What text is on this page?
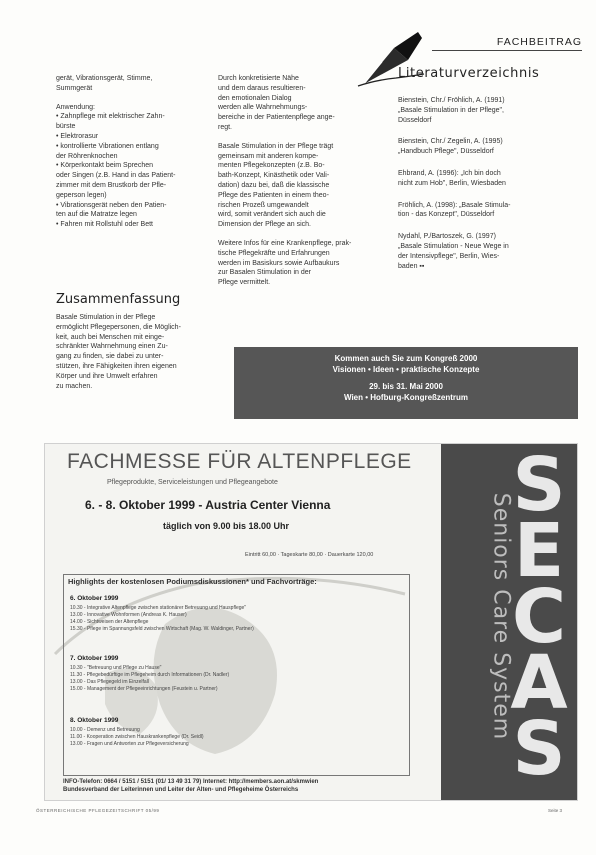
FACHBEITRAG
gerät, Vibrationsgerät, Stimme,
Summgerät
Anwendung:
• Zahnpflege mit elektrischer Zahn-
bürste
• Elektrorasur
• kontrollierte Vibrationen entlang
der Röhrenknochen
• Körperkontakt beim Sprechen
oder Singen (z.B. Hand in das Patient-
zimmer mit dem Brustkorb der Pfle-
geperson legen)
• Vibrationsgerät neben den Patien-
ten auf die Matratze legen
• Fahren mit Rollstuhl oder Bett
Zusammenfassung
Basale Stimulation in der Pflege
ermöglicht Pflegepersonen, die Möglich-
keit, auch bei Menschen mit einge-
schränkter Wahrnehmung einen Zu-
gang zu finden, sie dabei zu unter-
stützen, ihre Fähigkeiten ihren eigenen
Körper und ihre Umwelt erfahren
zu machen.
Durch konkretisierte Nähe
und dem daraus resultieren-
den emotionalen Dialog
werden alle Wahrnehmungs-
bereiche in der Patientenpflege ange-
regt.
Basale Stimulation in der Pflege trägt
gemeinsam mit anderen kompe-
menten Pflegekonzepten (z.B. Bo-
bath-Konzept, Kinästhetik oder Vali-
dation) dazu bei, daß die klassische
Pflege des Patienten in einem theo-
rischen Prozeß umgewandelt
wird, somit verändert sich auch die
Dimension der Pflege an sich.
Weitere Infos für eine Krankenpflege, prak-
tische Pflegekräfte und Erfahrungen
werden im Basiskurs sowie Aufbaukurs
zur Basalen Stimulation in der
Pflege vermittelt.
Literaturverzeichnis
Bienstein, Chr./ Fröhlich, A. (1991)
„Basale Stimulation in der Pflege",
Düsseldorf
Bienstein, Chr./ Zegelin, A. (1995)
„Handbuch Pflege", Düsseldorf
Ehbrand, A. (1996): „Ich bin doch
nicht zum Hob", Berlin, Wiesbaden
Fröhlich, A. (1998): „Basale Stimula-
tion - das Konzept", Düsseldorf
Nydahl, P./Bartoszek, G. (1997)
„Basale Stimulation - Neue Wege in
der Intensivpflege", Berlin, Wies-
baden ▪▪
Kommen auch Sie zum Kongreß 2000
Visionen • Ideen • praktische Konzepte
29. bis 31. Mai 2000
Wien • Hofburg-Kongreßzentrum
FACHMESSE FÜR ALTENPFLEGE
Pflegeprodukte, Serviceleistungen und Pflegeangebote
6. - 8. Oktober 1999 - Austria Center Vienna
täglich von 9.00 bis 18.00 Uhr
Eintritt 60,00 · Tageskarte 80,00 · Dauerkarte 120,00
Highlights der kostenlosen Podiumsdiskussionen* und Fachvorträge:
6. Oktober 1999
10.30 - Integrative Altenpflege zwischen stationärer Betreuung und Hauspflege"
13.00 - Innovative Wohnformen (Andreas K. Hauser)
14.00 - Sichtweisen der Altenpflege
15.30 - Pflege im Spannungsfeld zwischen Wirtschaft (Mag. W. Waldinger, Partner)
7. Oktober 1999
10.30 - "Betreuung und Pflege zu Hause"
11.30 - Pflegebedürftige im Pflegeheim durch Informationen (Dr. Nadler)
13.00 - Das Pflegegeld im Einzelfall
15.00 - Management der Pflegeeinrichtungen (Feustein u. Partner)
8. Oktober 1999
10.00 - Demenz und Betreuung
11.00 - Kooperation zwischen Hauskrankenpflege (Dr. Seidl)
13.00 - Fragen und Antworten zur Pflegeversicherung
INFO-Telefon: 0664 / 5151 / 5151 (01/ 13 49 31 79) Internet: http://members.aon.at/skmwien
Bundesverband der Leiterinnen und Leiter der Alten- und Pflegeheime Österreichs
S
E
C
A
S
Seniors Care System
ÖSTERREICHISCHE PFLEGEZEITSCHRIFT 05/99	Seite 3
